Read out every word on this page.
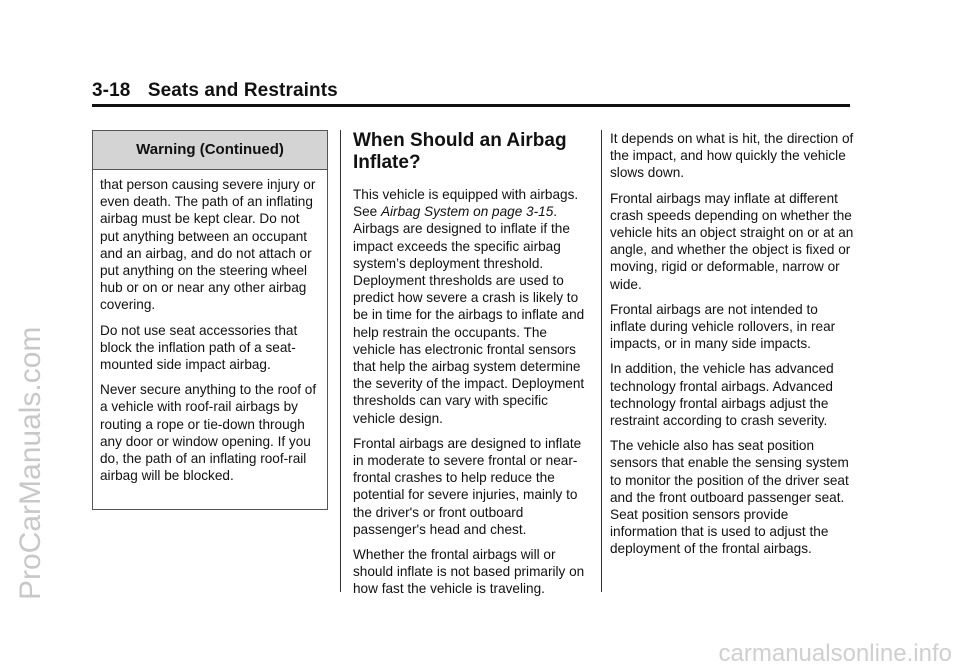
3-18 Seats and Restraints
ProCarManuals.com
Warning (Continued)

that person causing severe injury or even death. The path of an inflating airbag must be kept clear. Do not put anything between an occupant and an airbag, and do not attach or put anything on the steering wheel hub or on or near any other airbag covering.

Do not use seat accessories that block the inflation path of a seat-mounted side impact airbag.

Never secure anything to the roof of a vehicle with roof-rail airbags by routing a rope or tie-down through any door or window opening. If you do, the path of an inflating roof-rail airbag will be blocked.

When Should an Airbag Inflate?

This vehicle is equipped with airbags. See Airbag System on page 3-15. Airbags are designed to inflate if the impact exceeds the specific airbag system’s deployment threshold. Deployment thresholds are used to predict how severe a crash is likely to be in time for the airbags to inflate and help restrain the occupants. The vehicle has electronic frontal sensors that help the airbag system determine the severity of the impact. Deployment thresholds can vary with specific vehicle design.

Frontal airbags are designed to inflate in moderate to severe frontal or near-frontal crashes to help reduce the potential for severe injuries, mainly to the driver's or front outboard passenger's head and chest.

Whether the frontal airbags will or should inflate is not based primarily on how fast the vehicle is traveling.

It depends on what is hit, the direction of the impact, and how quickly the vehicle slows down.

Frontal airbags may inflate at different crash speeds depending on whether the vehicle hits an object straight on or at an angle, and whether the object is fixed or moving, rigid or deformable, narrow or wide.

Frontal airbags are not intended to inflate during vehicle rollovers, in rear impacts, or in many side impacts.

In addition, the vehicle has advanced technology frontal airbags. Advanced technology frontal airbags adjust the restraint according to crash severity.

The vehicle also has seat position sensors that enable the sensing system to monitor the position of the driver seat and the front outboard passenger seat. Seat position sensors provide information that is used to adjust the deployment of the frontal airbags.

carmanualsonline.info
